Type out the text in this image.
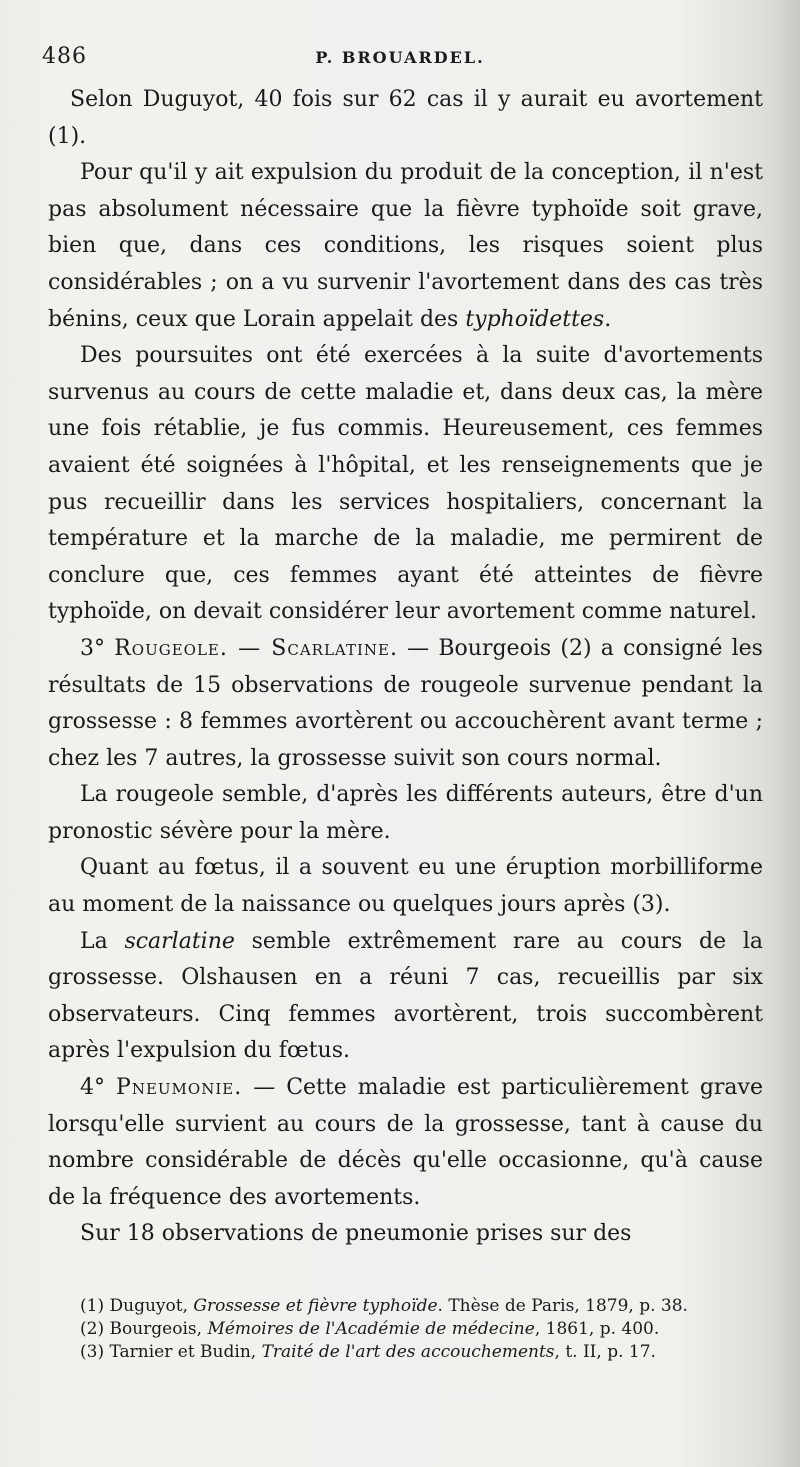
486	P. BROUARDEL.

Selon Duguyot, 40 fois sur 62 cas il y aurait eu avortement (1).

Pour qu'il y ait expulsion du produit de la conception, il n'est pas absolument nécessaire que la fièvre typhoïde soit grave, bien que, dans ces conditions, les risques soient plus considérables ; on a vu survenir l'avortement dans des cas très bénins, ceux que Lorain appelait des typhoïdettes.

Des poursuites ont été exercées à la suite d'avortements survenus au cours de cette maladie et, dans deux cas, la mère une fois rétablie, je fus commis. Heureusement, ces femmes avaient été soignées à l'hôpital, et les renseignements que je pus recueillir dans les services hospitaliers, concernant la température et la marche de la maladie, me permirent de conclure que, ces femmes ayant été atteintes de fièvre typhoïde, on devait considérer leur avortement comme naturel.

3° Rougeole. — Scarlatine. — Bourgeois (2) a consigné les résultats de 15 observations de rougeole survenue pendant la grossesse : 8 femmes avortèrent ou accouchèrent avant terme ; chez les 7 autres, la grossesse suivit son cours normal.

La rougeole semble, d'après les différents auteurs, être d'un pronostic sévère pour la mère.

Quant au fœtus, il a souvent eu une éruption morbilliforme au moment de la naissance ou quelques jours après (3).

La scarlatine semble extrêmement rare au cours de la grossesse. Olshausen en a réuni 7 cas, recueillis par six observateurs. Cinq femmes avortèrent, trois succombèrent après l'expulsion du fœtus.

4° Pneumonie. — Cette maladie est particulièrement grave lorsqu'elle survient au cours de la grossesse, tant à cause du nombre considérable de décès qu'elle occasionne, qu'à cause de la fréquence des avortements.

Sur 18 observations de pneumonie prises sur des

(1) Duguyot, Grossesse et fièvre typhoïde. Thèse de Paris, 1879, p. 38.
(2) Bourgeois, Mémoires de l'Académie de médecine, 1861, p. 400.
(3) Tarnier et Budin, Traité de l'art des accouchements, t. II, p. 17.
